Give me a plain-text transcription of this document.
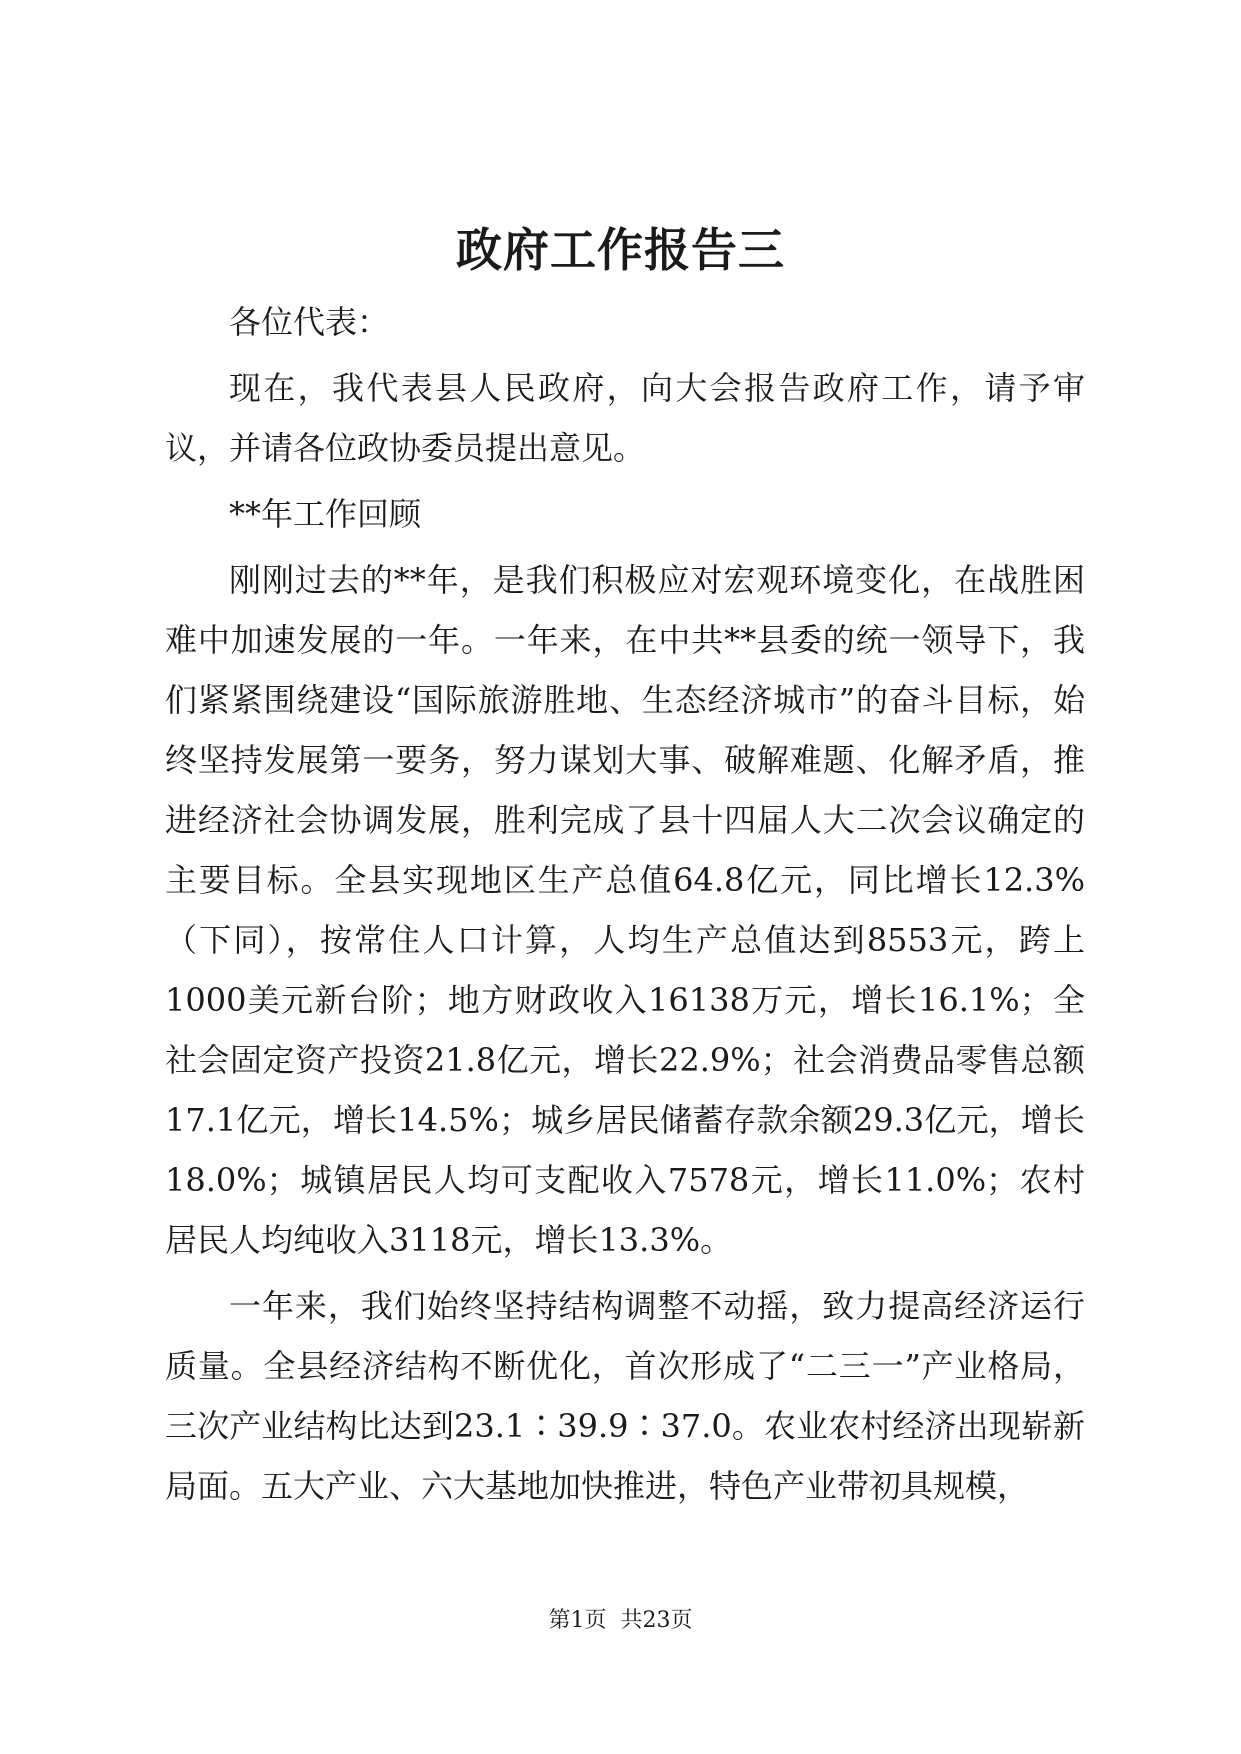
政府工作报告三

各位代表：

现在，我代表县人民政府，向大会报告政府工作，请予审议，并请各位政协委员提出意见。

**年工作回顾

刚刚过去的**年，是我们积极应对宏观环境变化，在战胜困难中加速发展的一年。一年来，在中共**县委的统一领导下，我们紧紧围绕建设“国际旅游胜地、生态经济城市”的奋斗目标，始终坚持发展第一要务，努力谋划大事、破解难题、化解矛盾，推进经济社会协调发展，胜利完成了县十四届人大二次会议确定的主要目标。全县实现地区生产总值64.8亿元，同比增长12.3%（下同），按常住人口计算，人均生产总值达到8553元，跨上1000美元新台阶；地方财政收入16138万元，增长16.1%；全社会固定资产投资21.8亿元，增长22.9%；社会消费品零售总额17.1亿元，增长14.5%；城乡居民储蓄存款余额29.3亿元，增长18.0%；城镇居民人均可支配收入7578元，增长11.0%；农村居民人均纯收入3118元，增长13.3%。

一年来，我们始终坚持结构调整不动摇，致力提高经济运行质量。全县经济结构不断优化，首次形成了“二三一”产业格局，三次产业结构比达到23.1∶39.9∶37.0。农业农村经济出现崭新局面。五大产业、六大基地加快推进，特色产业带初具规模，

第1页 共23页
